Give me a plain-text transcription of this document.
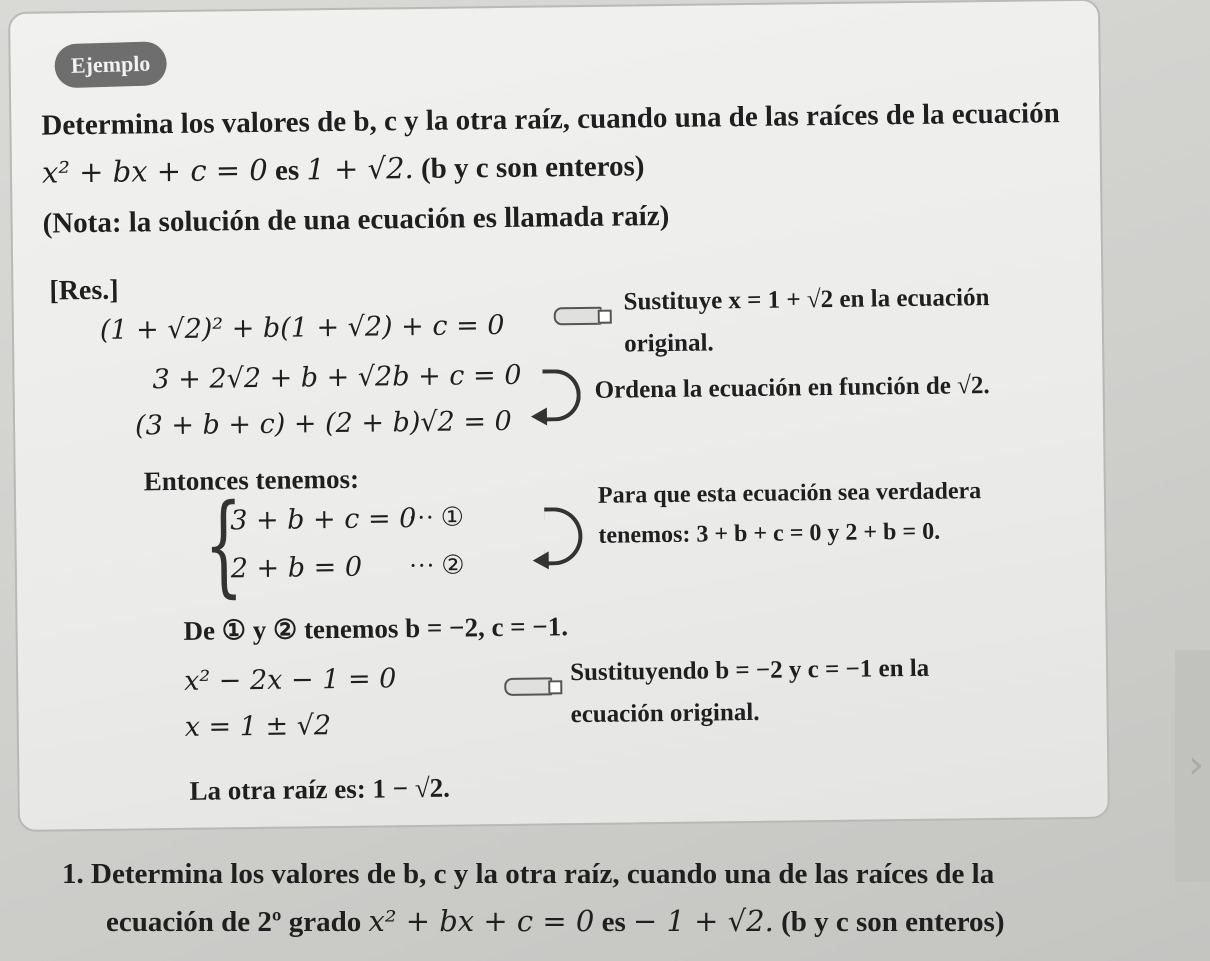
Ejemplo
Determina los valores de b, c y la otra raíz, cuando una de las raíces de la ecuación
x² + bx + c = 0 es 1 + √2. (b y c son enteros)
(Nota: la solución de una ecuación es llamada raíz)
[Res.]
(1 + √2)² + b(1 + √2) + c = 0
3 + 2√2 + b + √2b + c = 0
(3 + b + c) + (2 + b)√2 = 0
Sustituye x = 1 + √2 en la ecuación
original.
Ordena la ecuación en función de √2.
Entonces tenemos:
{
3 + b + c = 0
··· ①
2 + b = 0 ··· ②
Para que esta ecuación sea verdadera
tenemos: 3 + b + c = 0 y 2 + b = 0.
De ① y ② tenemos b = −2, c = −1.
x² − 2x − 1 = 0
x = 1 ± √2
Sustituyendo b = −2 y c = −1 en la
ecuación original.
La otra raíz es: 1 − √2.
1. Determina los valores de b, c y la otra raíz, cuando una de las raíces de la
ecuación de 2º grado x² + bx + c = 0 es − 1 + √2. (b y c son enteros)
›
